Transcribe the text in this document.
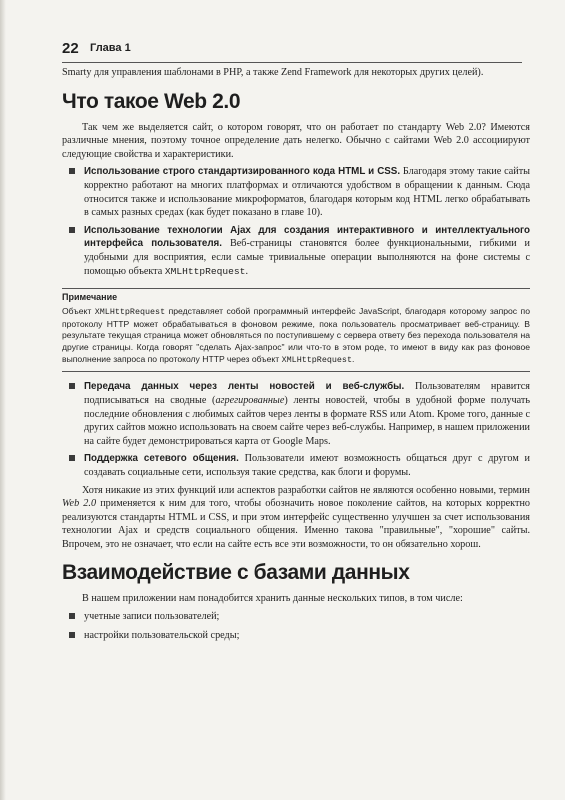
22 Глава 1

Smarty для управления шаблонами в PHP, а также Zend Framework для некоторых других целей).

Что такое Web 2.0

Так чем же выделяется сайт, о котором говорят, что он работает по стандарту Web 2.0? Имеются различные мнения, поэтому точное определение дать нелегко. Обычно с сайтами Web 2.0 ассоциируют следующие свойства и характеристики.

Использование строго стандартизированного кода HTML и CSS. Благодаря этому такие сайты корректно работают на многих платформах и отличаются удобством в обращении к данным. Сюда относится также и использование микроформатов, благодаря которым код HTML легко обрабатывать в самых разных средах (как будет показано в главе 10).
Использование технологии Ajax для создания интерактивного и интеллектуального интерфейса пользователя. Веб-страницы становятся более функциональными, гибкими и удобными для восприятия, если самые тривиальные операции выполняются на фоне системы с помощью объекта XMLHttpRequest.
Примечание

Объект XMLHttpRequest представляет собой программный интерфейс JavaScript, благодаря которому запрос по протоколу HTTP может обрабатываться в фоновом режиме, пока пользователь просматривает веб-страницу. В результате текущая страница может обновляться по поступившему с сервера ответу без перехода пользователя на другие страницы. Когда говорят "сделать Ajax-запрос" или что-то в этом роде, то имеют в виду как раз фоновое выполнение запроса по протоколу HTTP через объект XMLHttpRequest.

Передача данных через ленты новостей и веб-службы. Пользователям нравится подписываться на сводные (агрегированные) ленты новостей, чтобы в удобной форме получать последние обновления с любимых сайтов через ленты в формате RSS или Atom. Кроме того, данные с других сайтов можно использовать на своем сайте через веб-службы. Например, в нашем приложении на сайте будет демонстрироваться карта от Google Maps.
Поддержка сетевого общения. Пользователи имеют возможность общаться друг с другом и создавать социальные сети, используя такие средства, как блоги и форумы.

Хотя никакие из этих функций или аспектов разработки сайтов не являются особенно новыми, термин Web 2.0 применяется к ним для того, чтобы обозначить новое поколение сайтов, на которых корректно реализуются стандарты HTML и CSS, и при этом интерфейс существенно улучшен за счет использования технологии Ajax и средств социального общения. Именно такова "правильные", "хорошие" сайты. Впрочем, это не означает, что если на сайте есть все эти возможности, то он обязательно хорош.

Взаимодействие с базами данных

В нашем приложении нам понадобится хранить данные нескольких типов, в том числе:

учетные записи пользователей;
настройки пользовательской среды;
